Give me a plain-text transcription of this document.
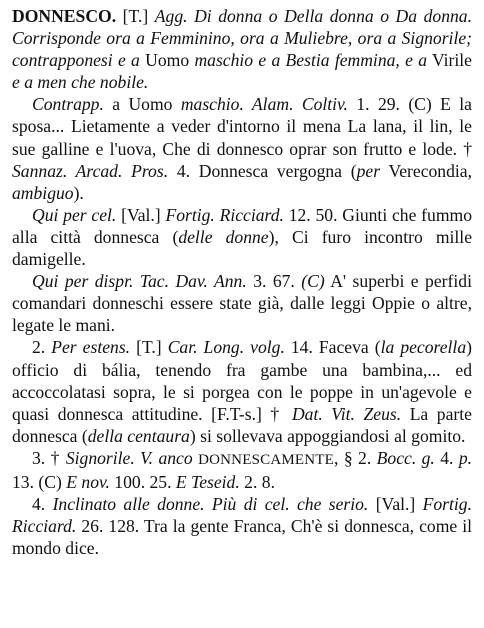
DONNESCO. [T.] Agg. Di donna o Della donna o Da donna. Corrisponde ora a Femminino, ora a Muliebre, ora a Signorile; contrapponesi e a Uomo maschio e a Bestia femmina, e a Virile e a men che nobile.

Contrapp. a Uomo maschio. Alam. Coltiv. 1. 29. (C) E la sposa... Lietamente a veder d'intorno il mena La lana, il lin, le sue galline e l'uova, Che di donnesco oprar son frutto e lode. † Sannaz. Arcad. Pros. 4. Donnesca vergogna (per Verecondia, ambiguo).

Qui per cel. [Val.] Fortig. Ricciard. 12. 50. Giunti che fummo alla città donnesca (delle donne), Ci furo incontro mille damigelle.

Qui per dispr. Tac. Dav. Ann. 3. 67. (C) A' superbi e perfidi comandari donneschi essere state già, dalle leggi Oppie o altre, legate le mani.

2. Per estens. [T.] Car. Long. volg. 14. Faceva (la pecorella) officio di bália, tenendo fra gambe una bambina,... ed accoccolatasi sopra, le si porgea con le poppe in un'agevole e quasi donnesca attitudine. [F.T-s.] † Dat. Vit. Zeus. La parte donnesca (della centaura) si sollevava appoggiandosi al gomito.

3. † Signorile. V. anco DONNESCAMENTE, § 2. Bocc. g. 4. p. 13. (C) E nov. 100. 25. E Teseid. 2. 8.

4. Inclinato alle donne. Più di cel. che serio. [Val.] Fortig. Ricciard. 26. 128. Tra la gente Franca, Ch'è si donnesca, come il mondo dice.
